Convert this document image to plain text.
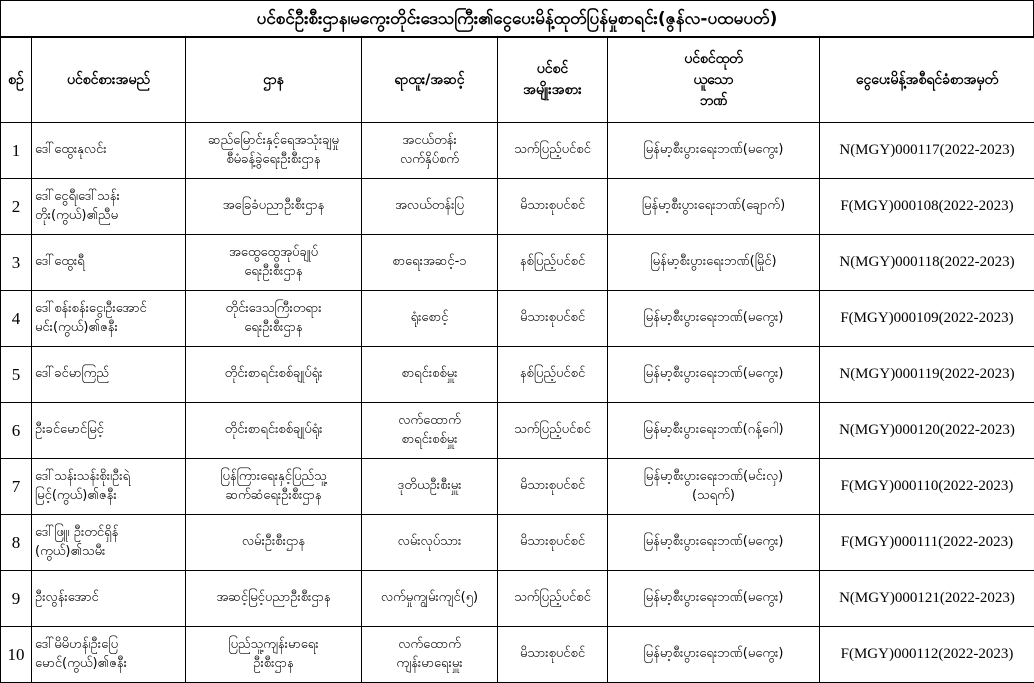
ပင်စင်ဦးစီးဌာန၊မကွေးတိုင်းဒေသကြီး၏ငွေပေးမိန့်ထုတ်ပြန်မှုစာရင်း(ဇွန်လ-ပထမပတ်)
စဉ်	ပင်စင်စားအမည်	ဌာန	ရာထူး/အဆင့်	ပင်စင်
အမျိုးအစား	ပင်စင်ထုတ်
ယူသော
ဘဏ်	ငွေပေးမိန့်အစီရင်ခံစာအမှတ်
1	ဒေါ်ထွေးနုလင်း	ဆည်မြောင်းနှင့်ရေအသုံးချမှု
စီမံခန့်ခွဲရေးဦးစီးဌာန	အငယ်တန်း
လက်နှိပ်စက်	သက်ပြည့်ပင်စင်	မြန်မာ့စီးပွားရေးဘဏ်(မကွေး)	N(MGY)000117(2022-2023)
2	ဒေါ်ငွေရီ၊ဒေါ်သန်း
တိုး(ကွယ်)၏ညီမ	အခြေခံပညာဦးစီးဌာန	အလယ်တန်းပြ	မိသားစုပင်စင်	မြန်မာ့စီးပွားရေးဘဏ်(ချောက်)	F(MGY)000108(2022-2023)
3	ဒေါ်ထွေးရီ	အထွေထွေအုပ်ချုပ်
ရေးဦးစီးဌာန	စာရေးအဆင့်-၁	နစ်ပြည့်ပင်စင်	မြန်မာ့စီးပွားရေးဘဏ်(မြိုင်)	N(MGY)000118(2022-2023)
4	ဒေါ်စန်းစန်းငွေ၊ဦးအောင်
မင်း(ကွယ်)၏ဇနီး	တိုင်းဒေသကြီးတရား
ရေးဦးစီးဌာန	ရုံးစောင့်	မိသားစုပင်စင်	မြန်မာ့စီးပွားရေးဘဏ်(မကွေး)	F(MGY)000109(2022-2023)
5	ဒေါ်ခင်မာကြည်	တိုင်းစာရင်းစစ်ချုပ်ရုံး	စာရင်းစစ်မှူး	နစ်ပြည့်ပင်စင်	မြန်မာ့စီးပွားရေးဘဏ်(မကွေး)	N(MGY)000119(2022-2023)
6	ဦးခင်မောင်မြင့်	တိုင်းစာရင်းစစ်ချုပ်ရုံး	လက်ထောက်
စာရင်းစစ်မှူး	သက်ပြည့်ပင်စင်	မြန်မာ့စီးပွားရေးဘဏ်(ဂန့်ဂေါ)	N(MGY)000120(2022-2023)
7	ဒေါ်သန်းသန်းစိုး၊ဦးရဲ
မြင့်(ကွယ်)၏ဇနီး	ပြန်ကြားရေးနှင့်ပြည်သူ့
ဆက်ဆံရေးဦးစီးဌာန	ဒုတိယဦးစီးမှူး	မိသားစုပင်စင်	မြန်မာ့စီးပွားရေးဘဏ်(မင်းလှ)
(သရက်)	F(MGY)000110(2022-2023)
8	ဒေါ်ဖြူ၊ ဦးတင်ရှိန်
(ကွယ်)၏သမီး	လမ်းဦးစီးဌာန	လမ်းလုပ်သား	မိသားစုပင်စင်	မြန်မာ့စီးပွားရေးဘဏ်(မကွေး)	F(MGY)000111(2022-2023)
9	ဦးလွန်းအောင်	အဆင့်မြင့်ပညာဦးစီးဌာန	လက်မှုကျွမ်းကျင်(၅)	သက်ပြည့်ပင်စင်	မြန်မာ့စီးပွားရေးဘဏ်(မကွေး)	N(MGY)000121(2022-2023)
10	ဒေါ်မိမိဟန်၊ဦးပြေ
မောင်(ကွယ်)၏ဇနီး	ပြည်သူ့ကျန်းမာရေး
ဦးစီးဌာန	လက်ထောက်
ကျန်းမာရေးမှူး	မိသားစုပင်စင်	မြန်မာ့စီးပွားရေးဘဏ်(မကွေး)	F(MGY)000112(2022-2023)
